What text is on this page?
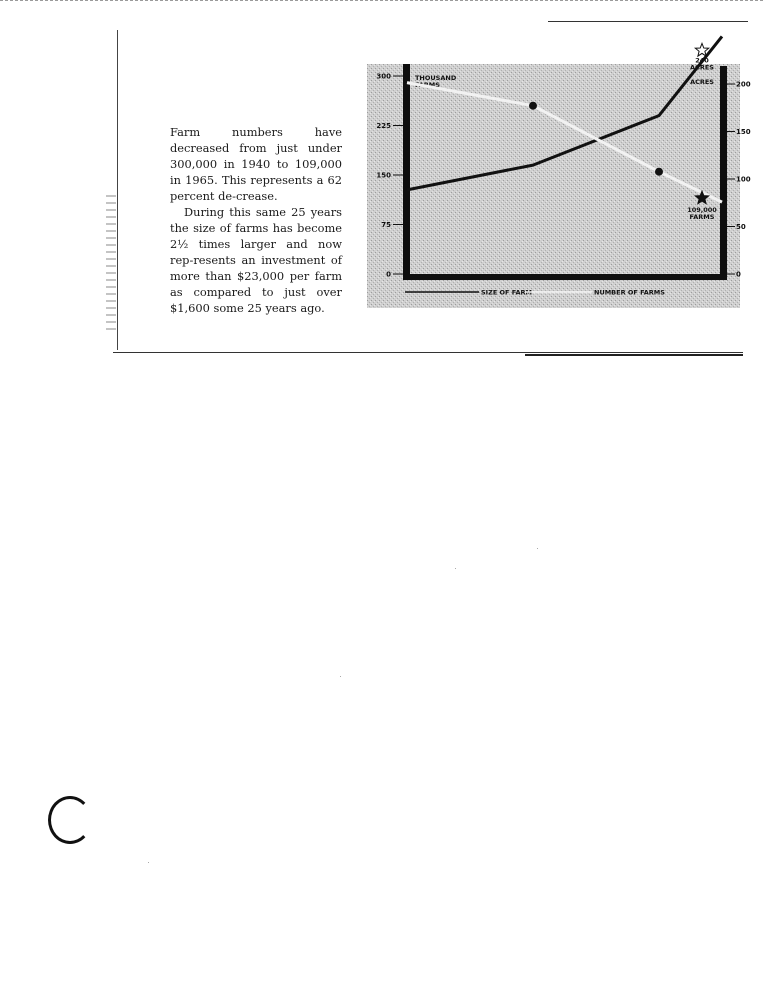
Farm numbers have decreased from just under 300,000 in 1940 to 109,000 in 1965. This represents a 62 percent de-crease.

During this same 25 years the size of farms has become 2½ times larger and now rep-resents an investment of more than $23,000 per farm as compared to just over $1,600 some 25 years ago.

300
225
150
75
0
200
150
100
50
0
THOUSAND
FARMS	ACRES
240
ACRES
109,000
FARMS
SIZE OF FARM	NUMBER OF FARMS
